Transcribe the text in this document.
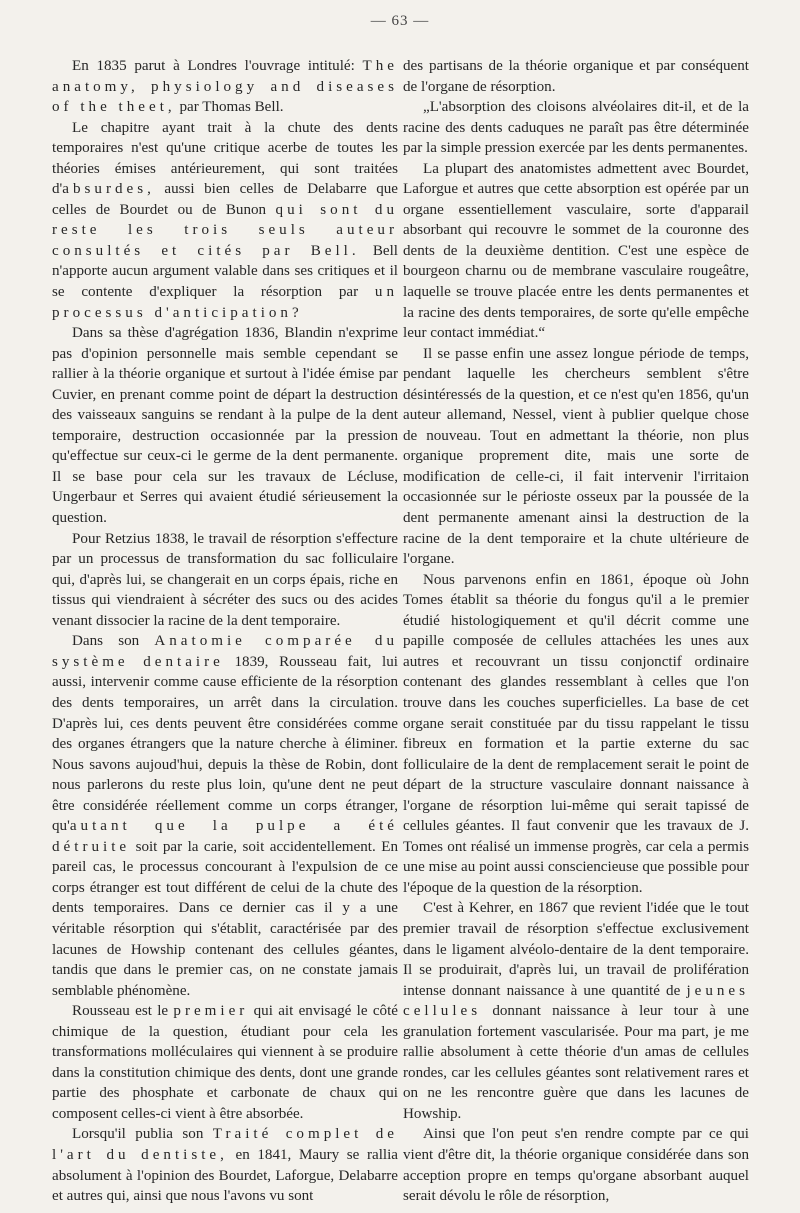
— 63 —

En 1835 parut à Londres l'ouvrage intitulé: The anatomy, physiology and diseases of the theet, par Thomas Bell.

Le chapitre ayant trait à la chute des dents temporaires n'est qu'une critique acerbe de toutes les théories émises antérieurement, qui sont traitées d'absurdes, aussi bien celles de Delabarre que celles de Bourdet ou de Bunon qui sont du reste les trois seuls auteur consultés et cités par Bell. Bell n'apporte aucun argument valable dans ses critiques et il se contente d'expliquer la résorption par un processus d'anticipation?

Dans sa thèse d'agrégation 1836, Blandin n'exprime pas d'opinion personnelle mais semble cependant se rallier à la théorie organique et surtout à l'idée émise par Cuvier, en prenant comme point de départ la destruction des vaisseaux sanguins se rendant à la pulpe de la dent temporaire, destruction occasionnée par la pression qu'effectue sur ceux-ci le germe de la dent permanente. Il se base pour cela sur les travaux de Lécluse, Ungerbaur et Serres qui avaient étudié sérieusement la question.

Pour Retzius 1838, le travail de résorption s'effecture par un processus de transformation du sac folliculaire qui, d'après lui, se changerait en un corps épais, riche en tissus qui viendraient à sécréter des sucs ou des acides venant dissocier la racine de la dent temporaire.

Dans son Anatomie comparée du système dentaire 1839, Rousseau fait, lui aussi, intervenir comme cause efficiente de la résorption des dents temporaires, un arrêt dans la circulation. D'après lui, ces dents peuvent être considérées comme des organes étrangers que la nature cherche à éliminer. Nous savons aujoud'hui, depuis la thèse de Robin, dont nous parlerons du reste plus loin, qu'une dent ne peut être considérée réellement comme un corps étranger, qu'autant que la pulpe a été détruite soit par la carie, soit accidentellement. En pareil cas, le processus concourant à l'expulsion de ce corps étranger est tout différent de celui de la chute des dents temporaires. Dans ce dernier cas il y a une véritable résorption qui s'établit, caractérisée par des lacunes de Howship contenant des cellules géantes, tandis que dans le premier cas, on ne constate jamais semblable phénomène.

Rousseau est le premier qui ait envisagé le côté chimique de la question, étudiant pour cela les transformations molléculaires qui viennent à se produire dans la constitution chimique des dents, dont une grande partie des phosphate et carbonate de chaux qui composent celles-ci vient à être absorbée.

Lorsqu'il publia son Traité complet de l'art du dentiste, en 1841, Maury se rallia absolument à l'opinion des Bourdet, Laforgue, Delabarre et autres qui, ainsi que nous l'avons vu sont

des partisans de la théorie organique et par conséquent de l'organe de résorption.

„L'absorption des cloisons alvéolaires dit-il, et de la racine des dents caduques ne paraît pas être déterminée par la simple pression exercée par les dents permanentes.

La plupart des anatomistes admettent avec Bourdet, Laforgue et autres que cette absorption est opérée par un organe essentiellement vasculaire, sorte d'apparail absorbant qui recouvre le sommet de la couronne des dents de la deuxième dentition. C'est une espèce de bourgeon charnu ou de membrane vasculaire rougeâtre, laquelle se trouve placée entre les dents permanentes et la racine des dents temporaires, de sorte qu'elle empêche leur contact immédiat.“

Il se passe enfin une assez longue période de temps, pendant laquelle les chercheurs semblent s'être désintéressés de la question, et ce n'est qu'en 1856, qu'un auteur allemand, Nessel, vient à publier quelque chose de nouveau. Tout en admettant la théorie, non plus organique proprement dite, mais une sorte de modification de celle-ci, il fait intervenir l'irritaion occasionnée sur le périoste osseux par la poussée de la dent permanente amenant ainsi la destruction de la racine de la dent temporaire et la chute ultérieure de l'organe.

Nous parvenons enfin en 1861, époque où John Tomes établit sa théorie du fongus qu'il a le premier étudié histologiquement et qu'il décrit comme une papille composée de cellules attachées les unes aux autres et recouvrant un tissu conjonctif ordinaire contenant des glandes ressemblant à celles que l'on trouve dans les couches superficielles. La base de cet organe serait constituée par du tissu rappelant le tissu fibreux en formation et la partie externe du sac folliculaire de la dent de remplacement serait le point de départ de la structure vasculaire donnant naissance à l'organe de résorption lui-même qui serait tapissé de cellules géantes. Il faut convenir que les travaux de J. Tomes ont réalisé un immense progrès, car cela a permis une mise au point aussi consciencieuse que possible pour l'époque de la question de la résorption.

C'est à Kehrer, en 1867 que revient l'idée que le tout premier travail de résorption s'effectue exclusivement dans le ligament alvéolo-dentaire de la dent temporaire. Il se produirait, d'après lui, un travail de prolifération intense donnant naissance à une quantité de jeunes cellules donnant naissance à leur tour à une granulation fortement vascularisée. Pour ma part, je me rallie absolument à cette théorie d'un amas de cellules rondes, car les cellules géantes sont relativement rares et on ne les rencontre guère que dans les lacunes de Howship.

Ainsi que l'on peut s'en rendre compte par ce qui vient d'être dit, la théorie organique considérée dans son acception propre en temps qu'organe absorbant auquel serait dévolu le rôle de résorption,
